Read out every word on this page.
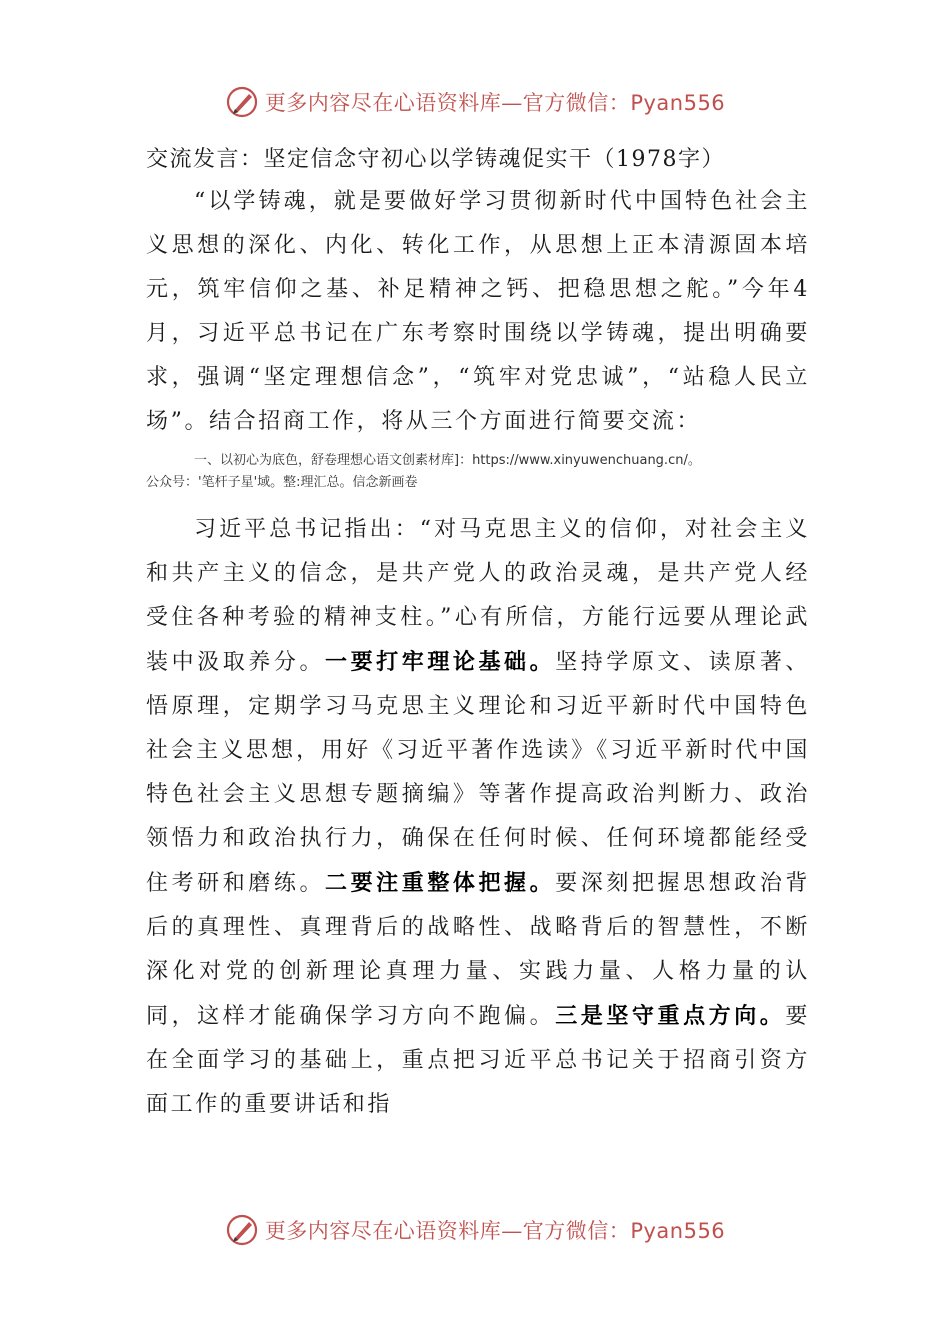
更多内容尽在心语资料库—官方微信：Pyan556

交流发言：坚定信念守初心以学铸魂促实干（1978字）

“以学铸魂，就是要做好学习贯彻新时代中国特色社会主义思想的深化、内化、转化工作，从思想上正本清源固本培元，筑牢信仰之基、补足精神之钙、把稳思想之舵。”今年4月，习近平总书记在广东考察时围绕以学铸魂，提出明确要求，强调“坚定理想信念”，“筑牢对党忠诚”，“站稳人民立场”。结合招商工作，将从三个方面进行简要交流：

一、以初心为底色，舒卷理想心语文创素材库]：https://www.xinyuwenchuang.cn/。
公众号：'笔杆子星'域。整:理汇总。信念新画卷

习近平总书记指出：“对马克思主义的信仰，对社会主义和共产主义的信念，是共产党人的政治灵魂，是共产党人经受住各种考验的精神支柱。”心有所信，方能行远要从理论武装中汲取养分。一要打牢理论基础。坚持学原文、读原著、悟原理，定期学习马克思主义理论和习近平新时代中国特色社会主义思想，用好《习近平著作选读》《习近平新时代中国特色社会主义思想专题摘编》等著作提高政治判断力、政治领悟力和政治执行力，确保在任何时候、任何环境都能经受住考研和磨练。二要注重整体把握。要深刻把握思想政治背后的真理性、真理背后的战略性、战略背后的智慧性，不断深化对党的创新理论真理力量、实践力量、人格力量的认同，这样才能确保学习方向不跑偏。三是坚守重点方向。要在全面学习的基础上，重点把习近平总书记关于招商引资方面工作的重要讲话和指

更多内容尽在心语资料库—官方微信：Pyan556
